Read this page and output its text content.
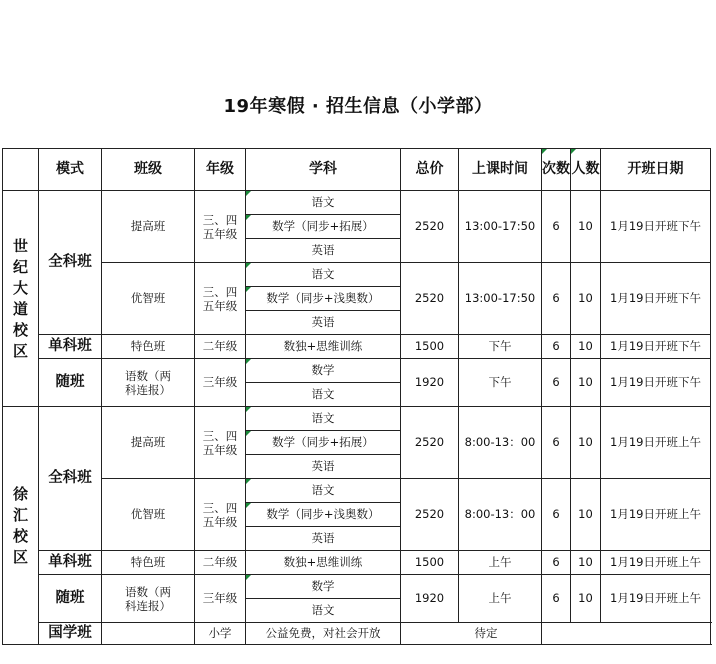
19年寒假 · 招生信息（小学部）
	模式	班级	年级	学科	总价	上课时间	次数	人数	开班日期	
世纪大道校区	全科班	提高班	三、四五年级	语文	2520	13:00-17:50	6	10	1月19日开班下午	
				数学（同步+拓展）						
				英语						
		优智班	三、四五年级	语文	2520	13:00-17:50	6	10	1月19日开班下午	
				数学（同步+浅奥数）						
				英语						
	单科班	特色班	二年级	数独+思维训练	1500	下午	6	10	1月19日开班下午	
	随班	语数（两科连报）	三年级	数学	1920	下午	6	10	1月19日开班下午	
				语文						

徐汇校区	全科班	提高班	三、四五年级	语文	2520	8:00-13：00	6	10	1月19日开班上午	
				数学（同步+拓展）						
				英语						
		优智班	三、四五年级	语文	2520	8:00-13：00	6	10	1月19日开班上午	
				数学（同步+浅奥数）						
				英语						
	单科班	特色班	二年级	数独+思维训练	1500	上午	6	10	1月19日开班上午	
	随班	语数（两科连报）	三年级	数学	1920	上午	6	10	1月19日开班上午	
				语文						

	国学班		小学	公益免费，对社会开放	待定		
